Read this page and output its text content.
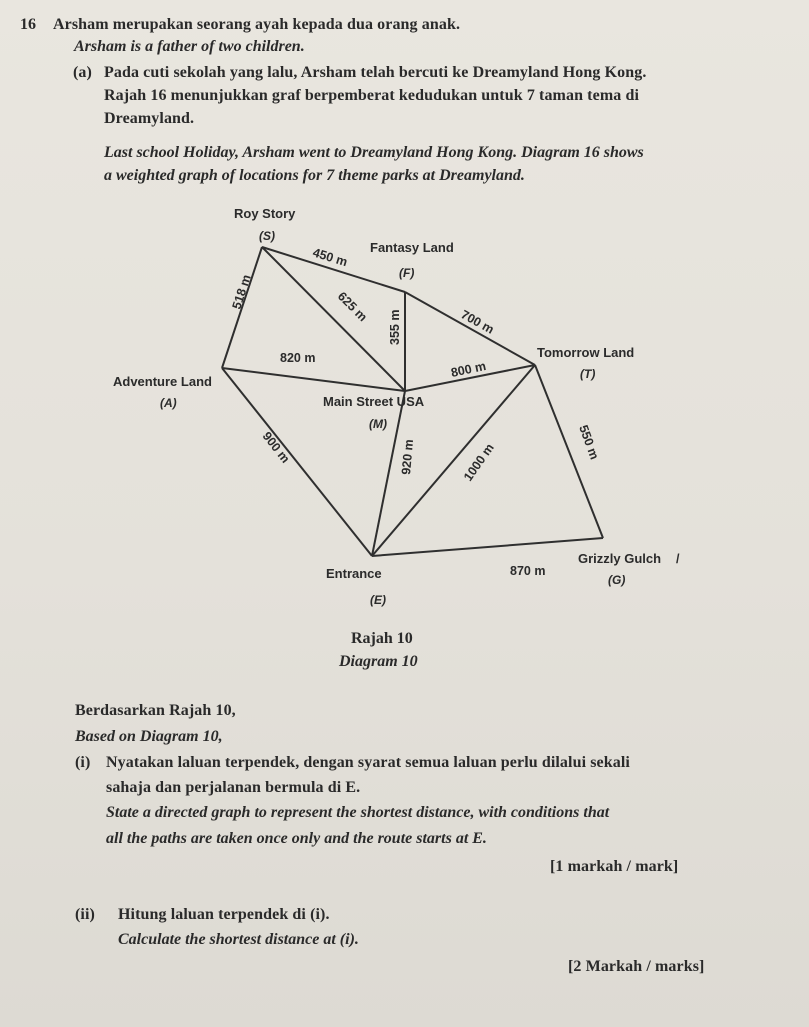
16 Arsham merupakan seorang ayah kepada dua orang anak.
Arsham is a father of two children.
(a) Pada cuti sekolah yang lalu, Arsham telah bercuti ke Dreamyland Hong Kong.
Rajah 16 menunjukkan graf berpemberat kedudukan untuk 7 taman tema di
Dreamyland.
Last school Holiday, Arsham went to Dreamyland Hong Kong. Diagram 16 shows
a weighted graph of locations for 7 theme parks at Dreamyland.
Roy Story
(S)
Fantasy Land
(F)
Tomorrow Land
(T)
Adventure Land
(A)	Main Street USA
(M)
Grizzly Gulch
(G)
Entrance
(E)
450 m
518 m	625 m
355 m	700 m
820 m
800 m
900 m	920 m	1000 m	550 m
870 m
/
Rajah 10
Diagram 10
Berdasarkan Rajah 10,
Based on Diagram 10,
(i) Nyatakan laluan terpendek, dengan syarat semua laluan perlu dilalui sekali
sahaja dan perjalanan bermula di E.
State a directed graph to represent the shortest distance, with conditions that
all the paths are taken once only and the route starts at E.
[1 markah / mark]
(ii) Hitung laluan terpendek di (i).
Calculate the shortest distance at (i).
[2 Markah / marks]
